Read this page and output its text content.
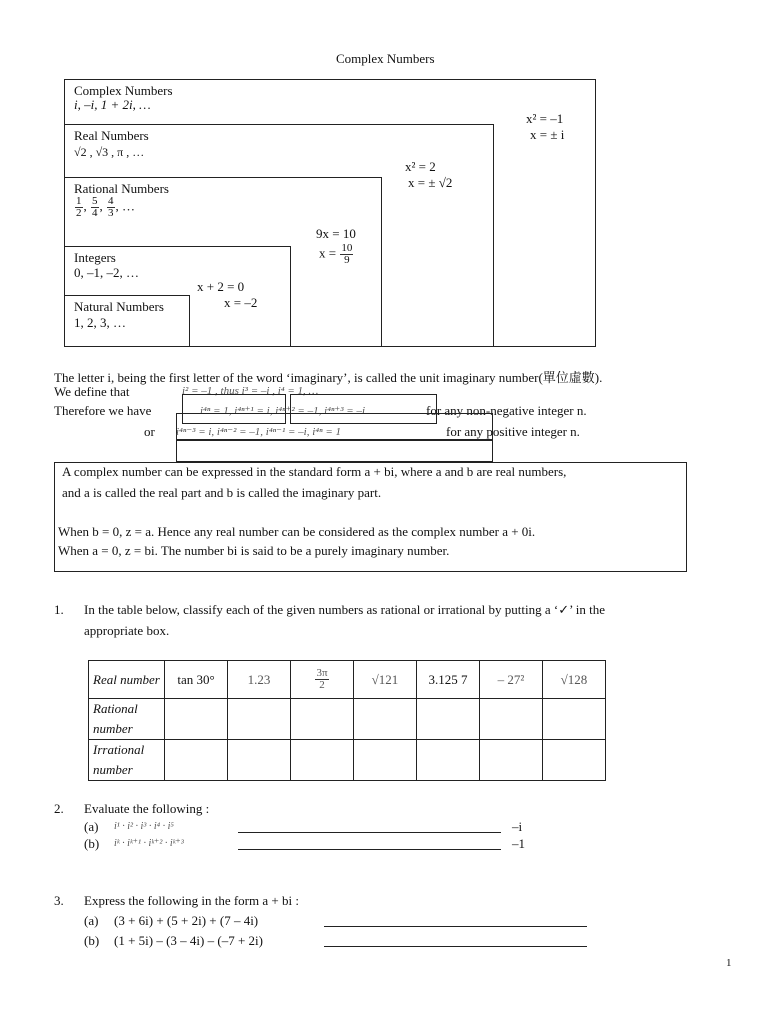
Complex Numbers
Complex Numbers
i, –i, 1 + 2i, …
x² = –1
x = ± i
Real Numbers
√2 , √3 , π , …
x² = 2
x = ± √2
Rational Numbers
$\frac{1}{2}$ , $\frac{5}{4}$ , $\frac{4}{3}$ , …
9x = 10
$x = \frac{10}{9}$
Integers
0, –1, –2, …
x + 2 = 0
x = –2
Natural Numbers
1, 2, 3, …
The letter i, being the first letter of the word ‘imaginary’, is called the unit imaginary number(單位虛數).
We define that	i² = –1 , thus i³ = –i , i⁴ = 1, …
Therefore we have	i⁴ⁿ = 1, i⁴ⁿ⁺¹ = i, i⁴ⁿ⁺² = –1, i⁴ⁿ⁺³ = –i	for any non-negative integer n.
or i⁴ⁿ⁻³ = i, i⁴ⁿ⁻² = –1, i⁴ⁿ⁻¹ = –i, i⁴ⁿ = 1	for any positive integer n.
A complex number can be expressed in the standard form a + bi, where a and b are real numbers,
and a is called the real part and b is called the imaginary part.
When b = 0, z = a. Hence any real number can be considered as the complex number a + 0i.
When a = 0, z = bi. The number bi is said to be a purely imaginary number.
1. In the table below, classify each of the given numbers as rational or irrational by putting a ‘✓’ in the
appropriate box.
Real number	tan 30°	1.23	$\frac{3\pi}{2}$	√121	3.125 7	– 27²	√128
Rational number							
Irrational number							
2. Evaluate the following :
(a) i¹ · i² · i³ · i⁴ · i⁵	–i
(b) iᵏ · iᵏ⁺¹ · iᵏ⁺² · iᵏ⁺³	–1
3. Express the following in the form a + bi :
(a) (3 + 6i) + (5 + 2i) + (7 – 4i)
(b) (1 + 5i) – (3 – 4i) – (–7 + 2i)
1
